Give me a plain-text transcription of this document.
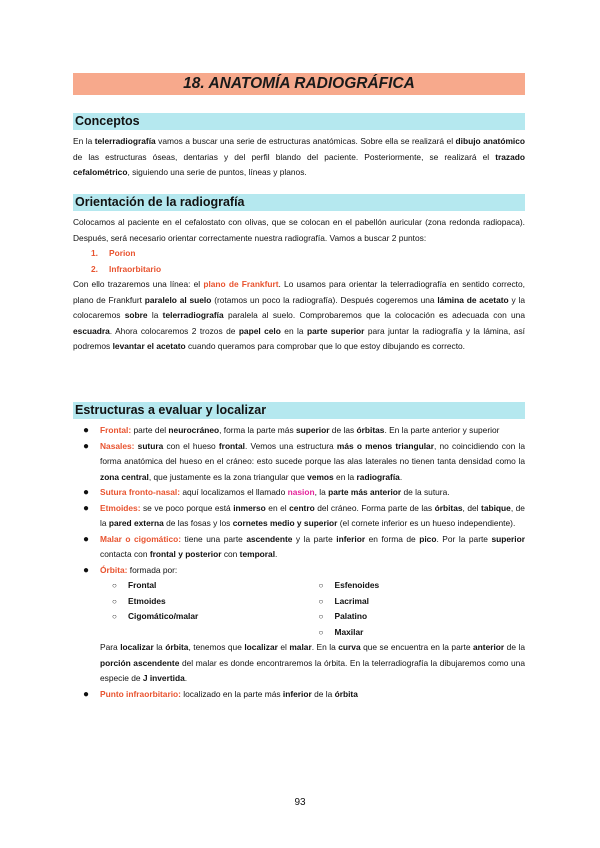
18. ANATOMÍA RADIOGRÁFICA
Conceptos

En la telerradiografía vamos a buscar una serie de estructuras anatómicas. Sobre ella se realizará el dibujo anatómico de las estructuras óseas, dentarias y del perfil blando del paciente. Posteriormente, se realizará el trazado cefalométrico, siguiendo una serie de puntos, líneas y planos.

Orientación de la radiografía

Colocamos al paciente en el cefalostato con olivas, que se colocan en el pabellón auricular (zona redonda radiopaca). Después, será necesario orientar correctamente nuestra radiografía. Vamos a buscar 2 puntos:

1. Porion
2. Infraorbitario

Con ello trazaremos una línea: el plano de Frankfurt. Lo usamos para orientar la telerradiografía en sentido correcto, plano de Frankfurt paralelo al suelo (rotamos un poco la radiografía). Después cogeremos una lámina de acetato y la colocaremos sobre la telerradiografía paralela al suelo. Comprobaremos que la colocación es adecuada con una escuadra. Ahora colocaremos 2 trozos de papel celo en la parte superior para juntar la radiografía y la lámina, así podremos levantar el acetato cuando queramos para comprobar que lo que estoy dibujando es correcto.

Estructuras a evaluar y localizar
● Frontal: parte del neurocráneo, forma la parte más superior de las órbitas. En la parte anterior y superior
● Nasales: sutura con el hueso frontal. Vemos una estructura más o menos triangular, no coincidiendo con la forma anatómica del hueso en el cráneo: esto sucede porque las alas laterales no tienen tanta densidad como la zona central, que justamente es la zona triangular que vemos en la radiografía.
● Sutura fronto-nasal: aquí localizamos el llamado nasion, la parte más anterior de la sutura.
● Etmoides: se ve poco porque está inmerso en el centro del cráneo. Forma parte de las órbitas, del tabique, de la pared externa de las fosas y los cornetes medio y superior (el cornete inferior es un hueso independiente).
● Malar o cigomático: tiene una parte ascendente y la parte inferior en forma de pico. Por la parte superior contacta con frontal y posterior con temporal.
● Órbita: formada por:
○ Frontal
○ Etmoides
○ Cigomático/malar
○ Esfenoides
○ Lacrimal
○ Palatino
○ Maxilar
Para localizar la órbita, tenemos que localizar el malar. En la curva que se encuentra en la parte anterior de la porción ascendente del malar es donde encontraremos la órbita. En la telerradiografía la dibujaremos como una especie de J invertida.
● Punto infraorbitario: localizado en la parte más inferior de la órbita
93
